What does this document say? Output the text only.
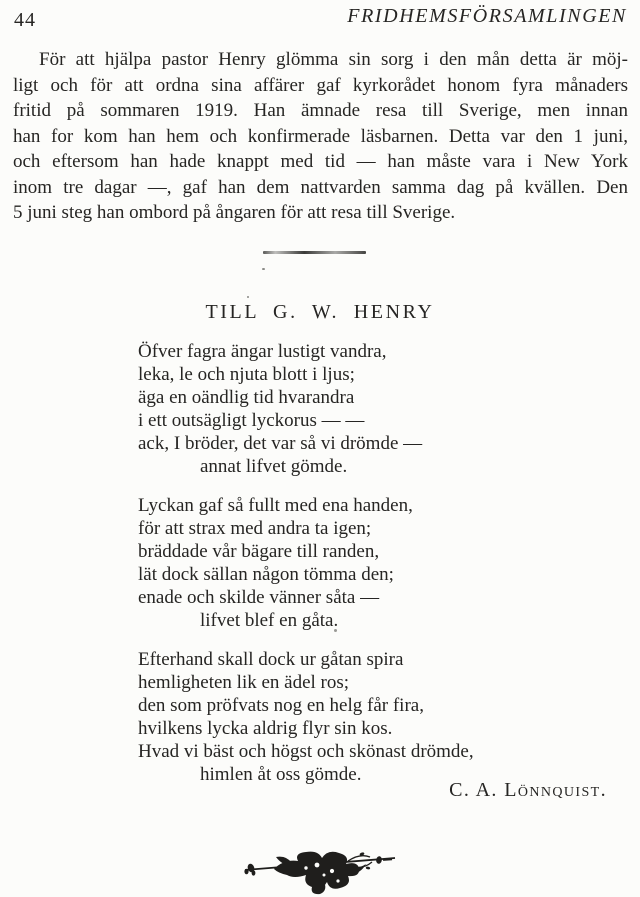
44	FRIDHEMSFÖRSAMLINGEN
För att hjälpa pastor Henry glömma sin sorg i den mån detta är möj-
ligt och för att ordna sina affärer gaf kyrkorådet honom fyra månaders
fritid på sommaren 1919. Han ämnade resa till Sverige, men innan
han for kom han hem och konfirmerade läsbarnen. Detta var den 1 juni,
och eftersom han hade knappt med tid — han måste vara i New York
inom tre dagar —, gaf han dem nattvarden samma dag på kvällen. Den
5 juni steg han ombord på ångaren för att resa till Sverige.
TILL G. W. HENRY
Öfver fagra ängar lustigt vandra,
leka, le och njuta blott i ljus;
äga en oändlig tid hvarandra
i ett outsägligt lyckorus — —
ack, I bröder, det var så vi drömde —
annat lifvet gömde.
Lyckan gaf så fullt med ena handen,
för att strax med andra ta igen;
bräddade vår bägare till randen,
lät dock sällan någon tömma den;
enade och skilde vänner såta —
lifvet blef en gåta.
Efterhand skall dock ur gåtan spira
hemligheten lik en ädel ros;
den som pröfvats nog en helg får fira,
hvilkens lycka aldrig flyr sin kos.
Hvad vi bäst och högst och skönast drömde,
himlen åt oss gömde.
C. A. Lönnquist.
